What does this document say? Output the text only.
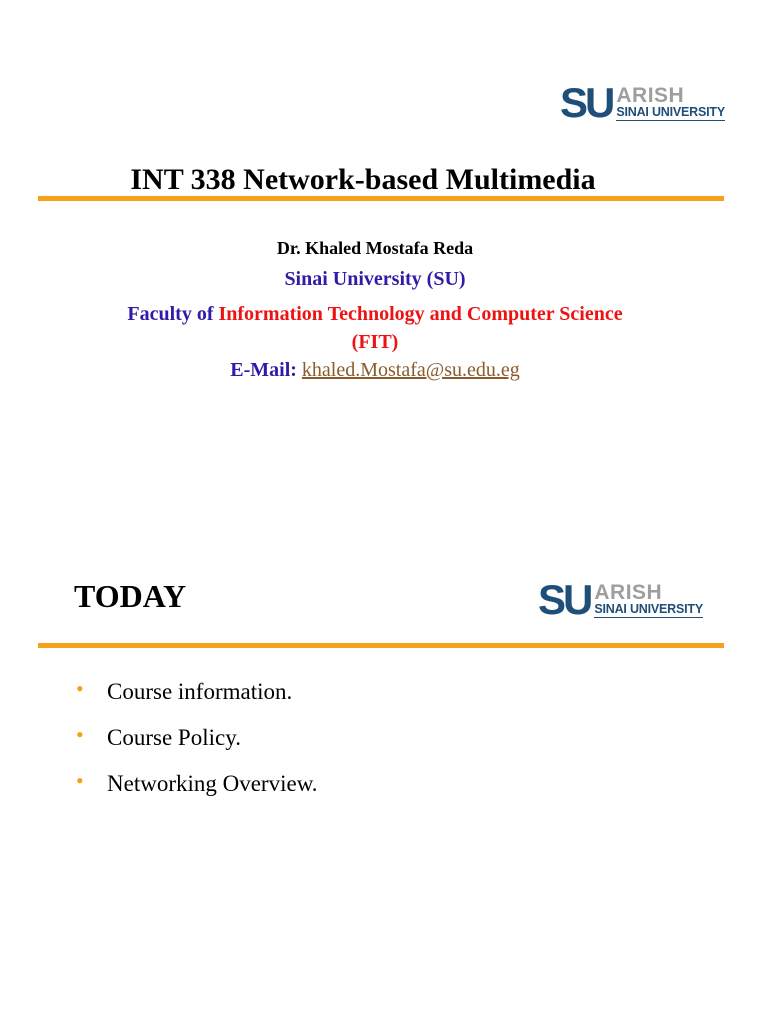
SU ARISH
SINAI UNIVERSITY
INT 338 Network-based Multimedia
Dr. Khaled Mostafa Reda
Sinai University (SU)
Faculty of Information Technology and Computer Science
(FIT)
E-Mail: khaled.Mostafa@su.edu.eg
TODAY	SU ARISH
SINAI UNIVERSITY
• Course information.
• Course Policy.
• Networking Overview.
